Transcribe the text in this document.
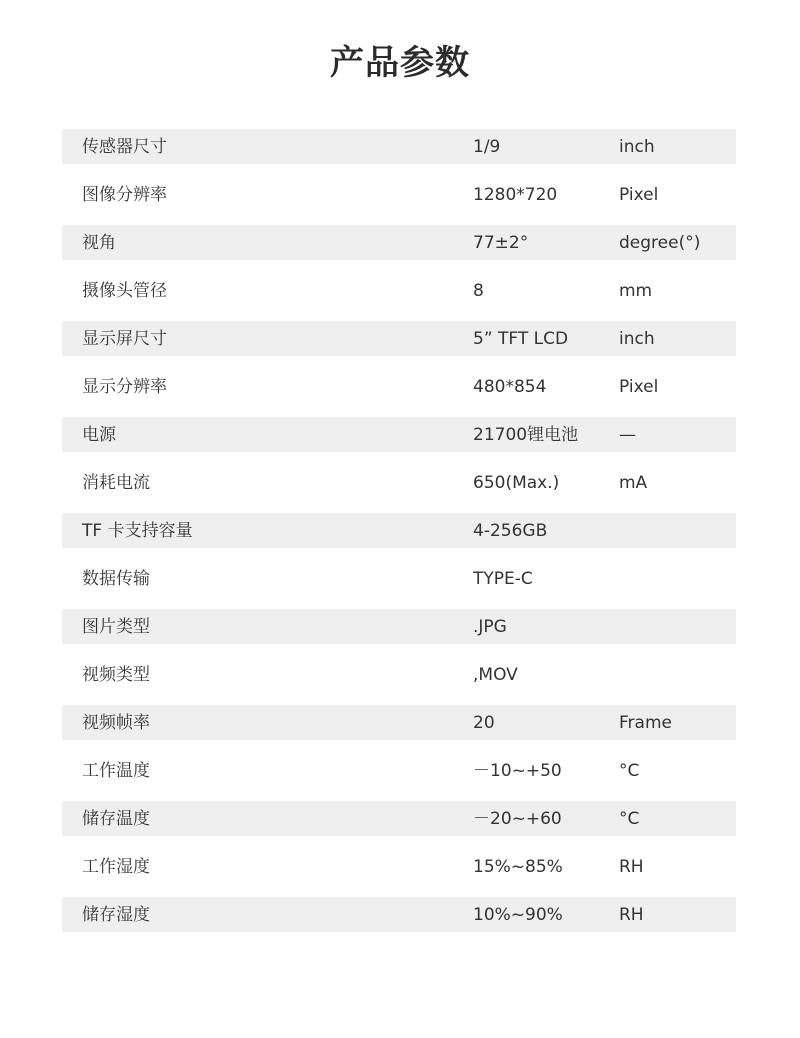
产品参数
传感器尺寸	1/9	inch
图像分辨率	1280*720	Pixel
视角	77±2°	degree(°)
摄像头管径	8	mm
显示屏尺寸	5” TFT LCD	inch
显示分辨率	480*854	Pixel
电源	21700锂电池 —
消耗电流	650(Max.)	mA
TF 卡支持容量	4-256GB
数据传输	TYPE-C
图片类型	.JPG
视频类型	,MOV
视频帧率	20	Frame
工作温度	－10~+50	°C
储存温度	－20~+60	°C
工作湿度	15%~85%	RH
储存湿度	10%~90%	RH
